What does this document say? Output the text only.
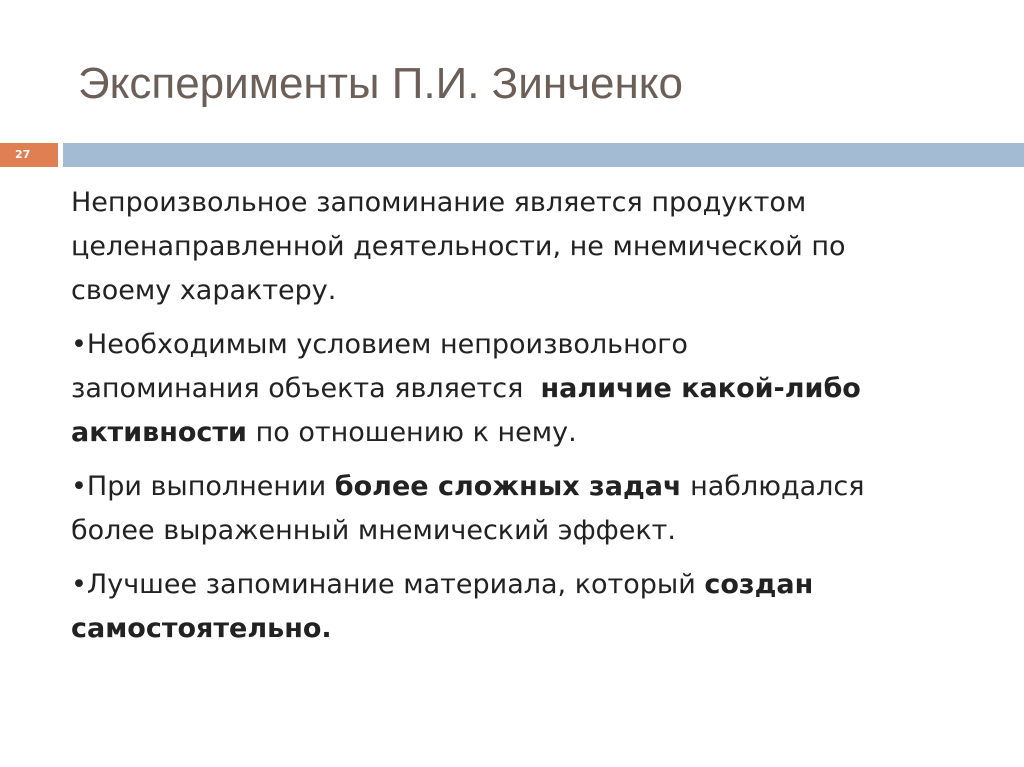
Эксперименты П.И. Зинченко
27

Непроизвольное запоминание является продуктом
целенаправленной деятельности, не мнемической по
своему характеру.

•Необходимым условием непроизвольного
запоминания объекта является  наличие какой-либо
активности по отношению к нему.

•При выполнении более сложных задач наблюдался
более выраженный мнемический эффект.

•Лучшее запоминание материала, который создан
самостоятельно.
